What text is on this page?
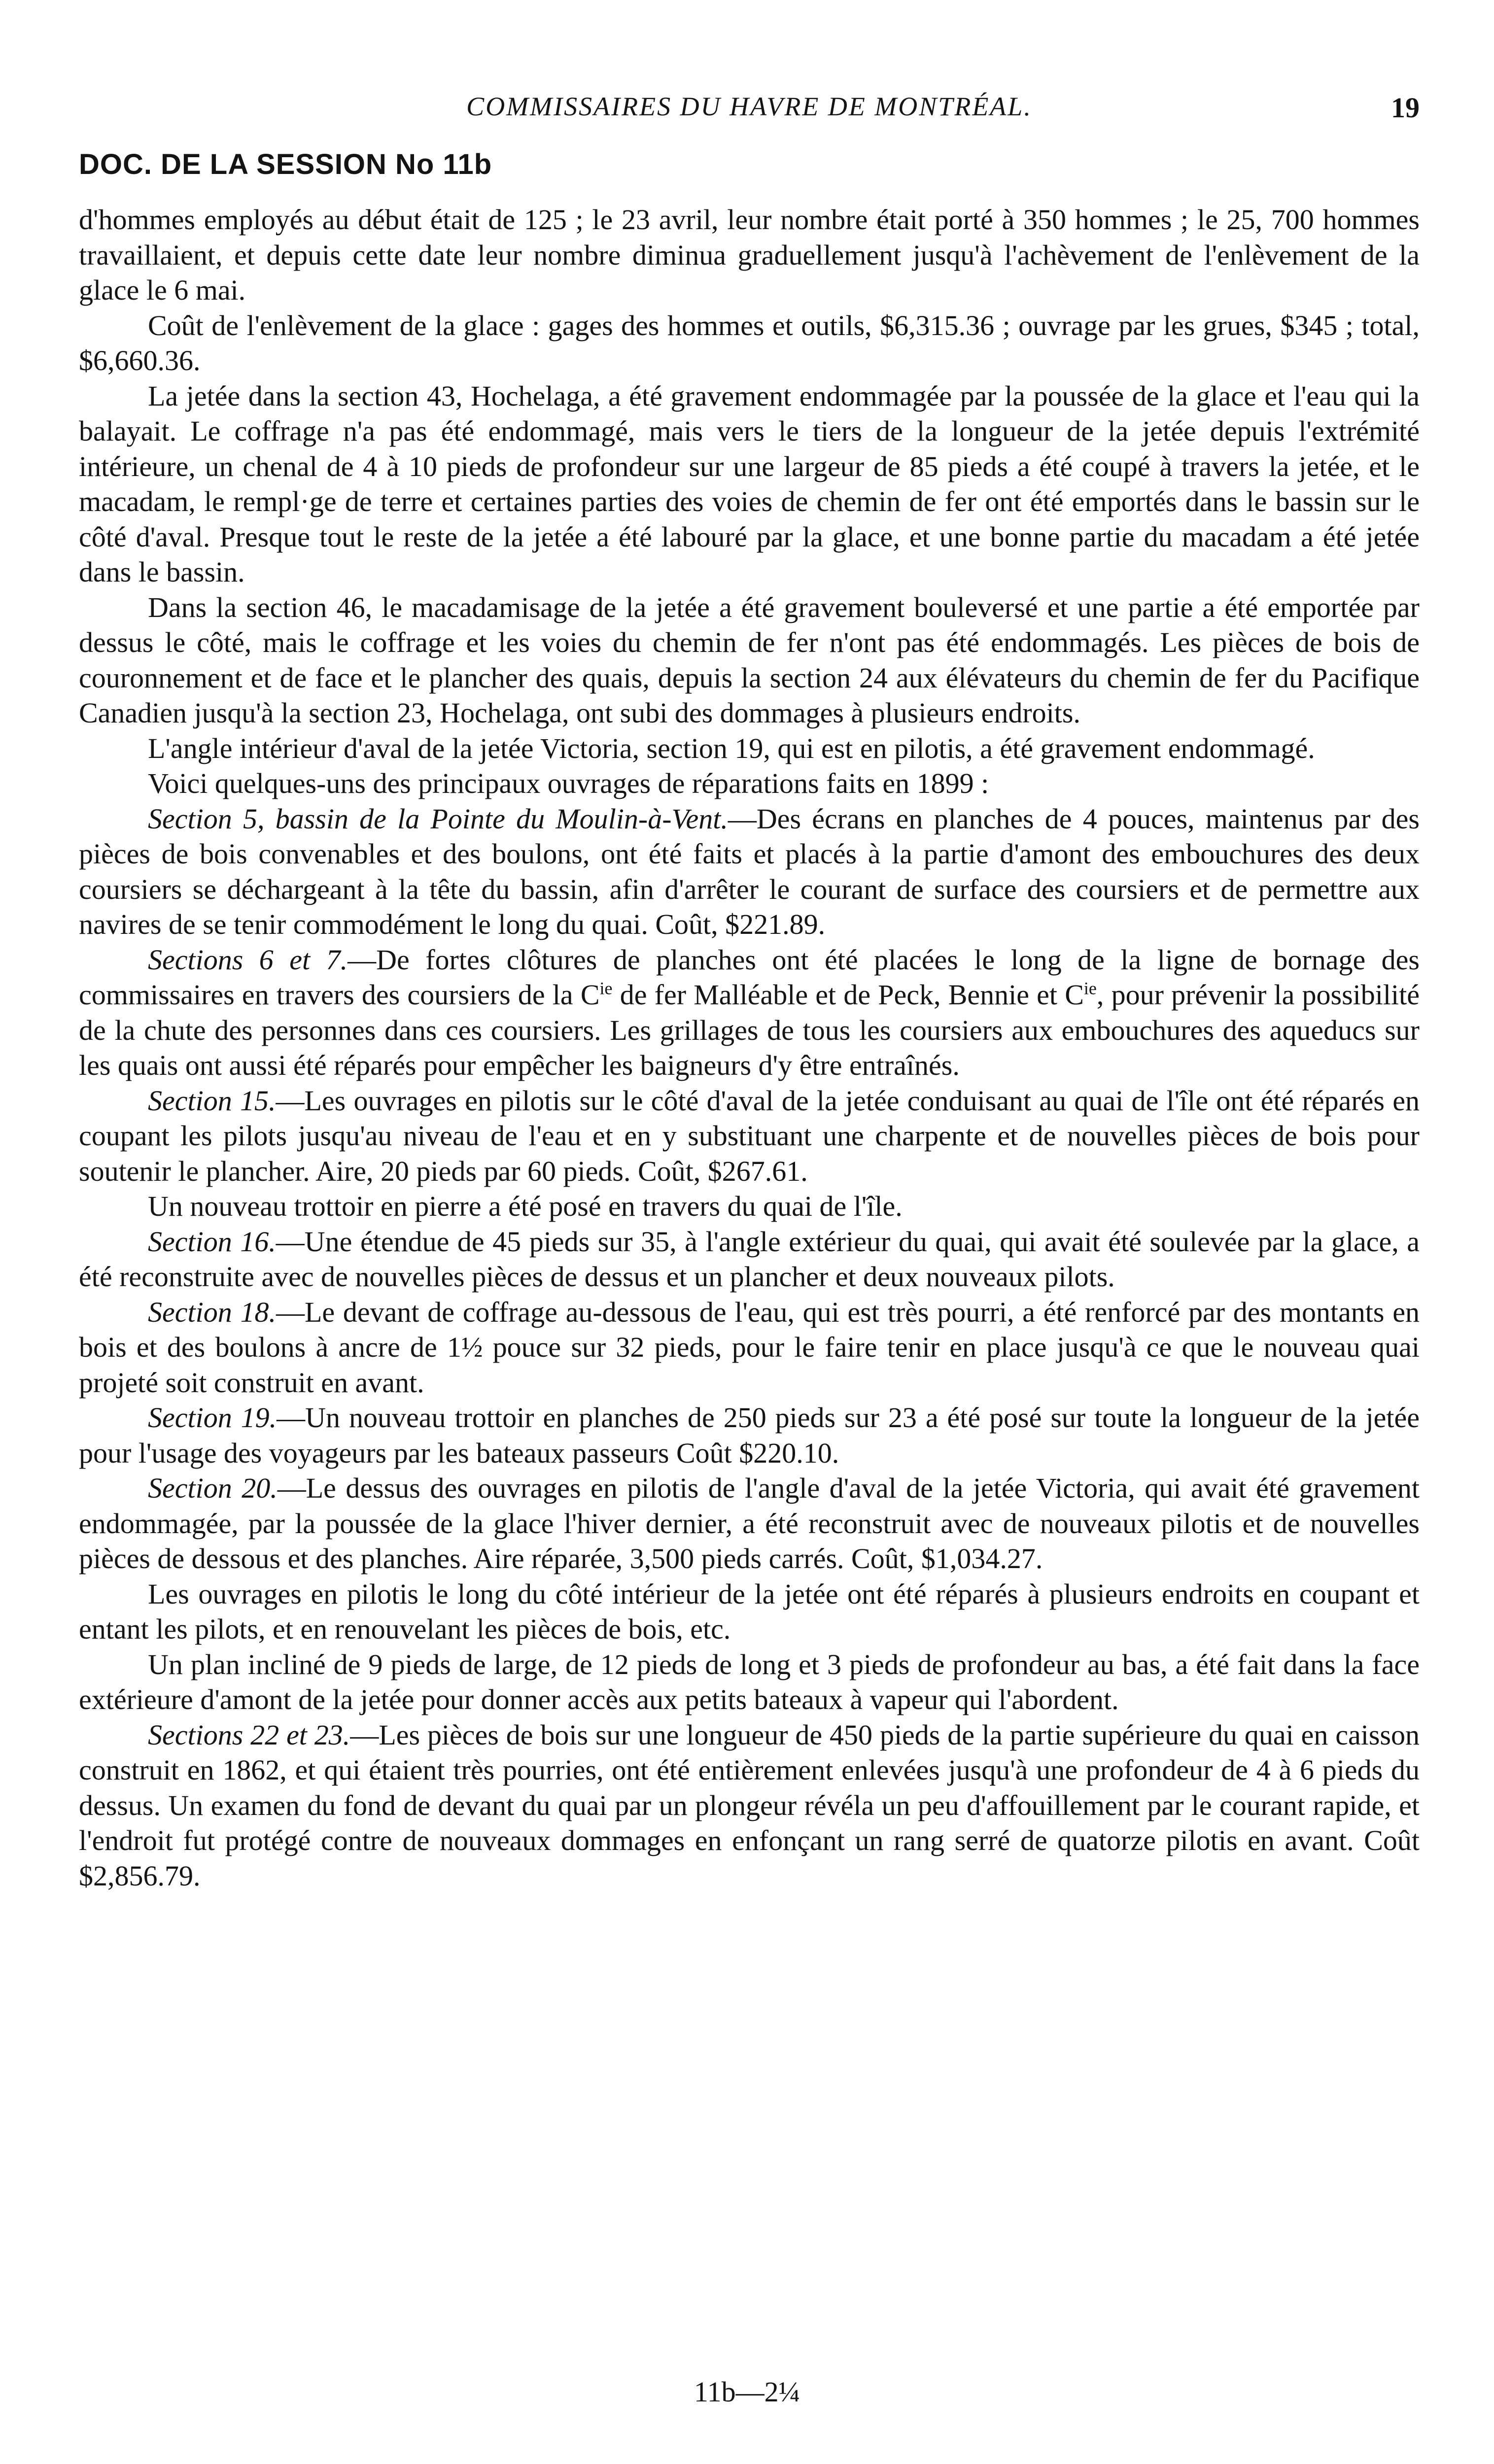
COMMISSAIRES DU HAVRE DE MONTRÉAL.	19
DOC. DE LA SESSION No 11b

d'hommes employés au début était de 125 ; le 23 avril, leur nombre était porté à 350 hommes ; le 25, 700 hommes travaillaient, et depuis cette date leur nombre diminua graduellement jusqu'à l'achèvement de l'enlèvement de la glace le 6 mai.

Coût de l'enlèvement de la glace : gages des hommes et outils, $6,315.36 ; ouvrage par les grues, $345 ; total, $6,660.36.

La jetée dans la section 43, Hochelaga, a été gravement endommagée par la poussée de la glace et l'eau qui la balayait. Le coffrage n'a pas été endommagé, mais vers le tiers de la longueur de la jetée depuis l'extrémité intérieure, un chenal de 4 à 10 pieds de profondeur sur une largeur de 85 pieds a été coupé à travers la jetée, et le macadam, le rempl·ge de terre et certaines parties des voies de chemin de fer ont été emportés dans le bassin sur le côté d'aval. Presque tout le reste de la jetée a été labouré par la glace, et une bonne partie du macadam a été jetée dans le bassin.

Dans la section 46, le macadamisage de la jetée a été gravement bouleversé et une partie a été emportée par dessus le côté, mais le coffrage et les voies du chemin de fer n'ont pas été endommagés. Les pièces de bois de couronnement et de face et le plancher des quais, depuis la section 24 aux élévateurs du chemin de fer du Pacifique Canadien jusqu'à la section 23, Hochelaga, ont subi des dommages à plusieurs endroits.

L'angle intérieur d'aval de la jetée Victoria, section 19, qui est en pilotis, a été gravement endommagé.

Voici quelques-uns des principaux ouvrages de réparations faits en 1899 :

Section 5, bassin de la Pointe du Moulin-à-Vent.—Des écrans en planches de 4 pouces, maintenus par des pièces de bois convenables et des boulons, ont été faits et placés à la partie d'amont des embouchures des deux coursiers se déchargeant à la tête du bassin, afin d'arrêter le courant de surface des coursiers et de permettre aux navires de se tenir commodément le long du quai. Coût, $221.89.

Sections 6 et 7.—De fortes clôtures de planches ont été placées le long de la ligne de bornage des commissaires en travers des coursiers de la $C^{ie}$ de fer Malléable et de Peck, Bennie et $C^{ie}$, pour prévenir la possibilité de la chute des personnes dans ces coursiers. Les grillages de tous les coursiers aux embouchures des aqueducs sur les quais ont aussi été réparés pour empêcher les baigneurs d'y être entraînés.

Section 15.—Les ouvrages en pilotis sur le côté d'aval de la jetée conduisant au quai de l'île ont été réparés en coupant les pilots jusqu'au niveau de l'eau et en y substituant une charpente et de nouvelles pièces de bois pour soutenir le plancher. Aire, 20 pieds par 60 pieds. Coût, $267.61.

Un nouveau trottoir en pierre a été posé en travers du quai de l'île.

Section 16.—Une étendue de 45 pieds sur 35, à l'angle extérieur du quai, qui avait été soulevée par la glace, a été reconstruite avec de nouvelles pièces de dessus et un plancher et deux nouveaux pilots.

Section 18.—Le devant de coffrage au-dessous de l'eau, qui est très pourri, a été renforcé par des montants en bois et des boulons à ancre de 1½ pouce sur 32 pieds, pour le faire tenir en place jusqu'à ce que le nouveau quai projeté soit construit en avant.

Section 19.—Un nouveau trottoir en planches de 250 pieds sur 23 a été posé sur toute la longueur de la jetée pour l'usage des voyageurs par les bateaux passeurs Coût $220.10.

Section 20.—Le dessus des ouvrages en pilotis de l'angle d'aval de la jetée Victoria, qui avait été gravement endommagée, par la poussée de la glace l'hiver dernier, a été reconstruit avec de nouveaux pilotis et de nouvelles pièces de dessous et des planches. Aire réparée, 3,500 pieds carrés. Coût, $1,034.27.

Les ouvrages en pilotis le long du côté intérieur de la jetée ont été réparés à plusieurs endroits en coupant et entant les pilots, et en renouvelant les pièces de bois, etc.

Un plan incliné de 9 pieds de large, de 12 pieds de long et 3 pieds de profondeur au bas, a été fait dans la face extérieure d'amont de la jetée pour donner accès aux petits bateaux à vapeur qui l'abordent.

Sections 22 et 23.—Les pièces de bois sur une longueur de 450 pieds de la partie supérieure du quai en caisson construit en 1862, et qui étaient très pourries, ont été entièrement enlevées jusqu'à une profondeur de 4 à 6 pieds du dessus. Un examen du fond de devant du quai par un plongeur révéla un peu d'affouillement par le courant rapide, et l'endroit fut protégé contre de nouveaux dommages en enfonçant un rang serré de quatorze pilotis en avant. Coût $2,856.79.

11b—2¼
